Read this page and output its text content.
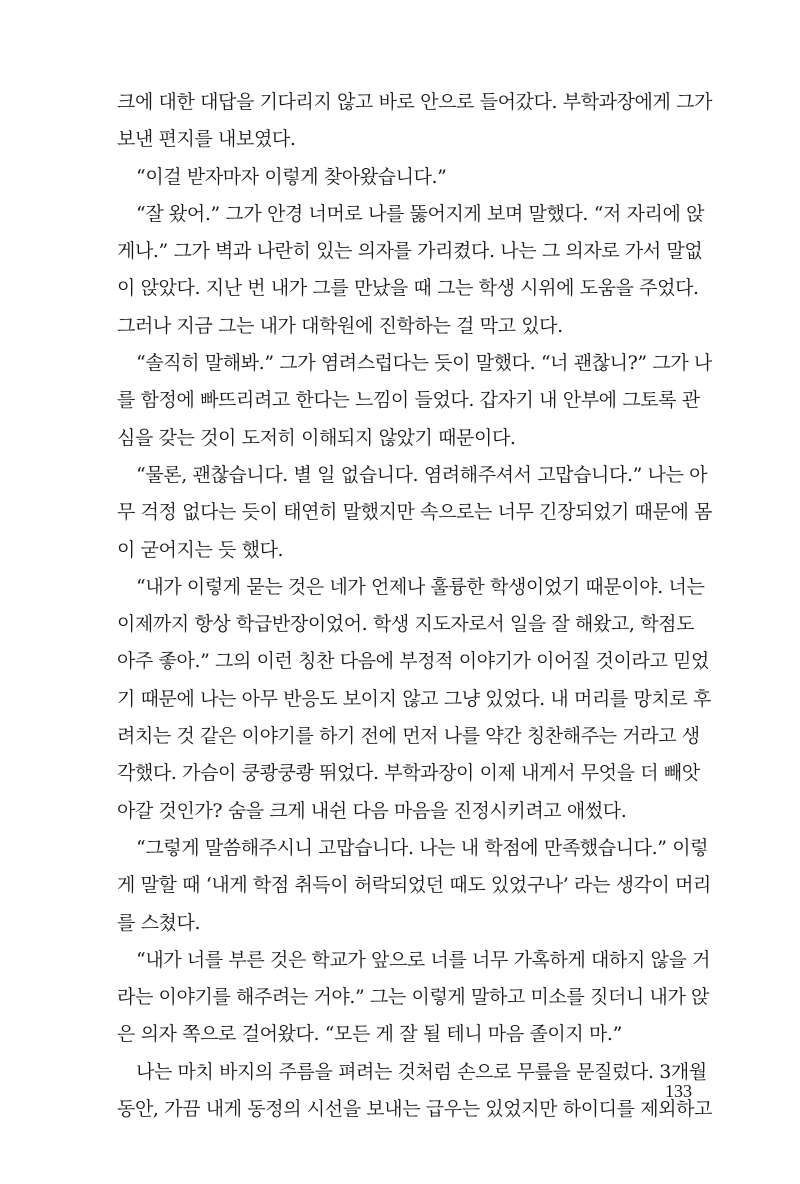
크에 대한 대답을 기다리지 않고 바로 안으로 들어갔다. 부학과장에게 그가
보낸 편지를 내보였다.
“이걸 받자마자 이렇게 찾아왔습니다.”
“잘 왔어.” 그가 안경 너머로 나를 뚫어지게 보며 말했다. “저 자리에 앉
게나.” 그가 벽과 나란히 있는 의자를 가리켰다. 나는 그 의자로 가서 말없
이 앉았다. 지난 번 내가 그를 만났을 때 그는 학생 시위에 도움을 주었다.
그러나 지금 그는 내가 대학원에 진학하는 걸 막고 있다.
“솔직히 말해봐.” 그가 염려스럽다는 듯이 말했다. “너 괜찮니?” 그가 나
를 함정에 빠뜨리려고 한다는 느낌이 들었다. 갑자기 내 안부에 그토록 관
심을 갖는 것이 도저히 이해되지 않았기 때문이다.
“물론, 괜찮습니다. 별 일 없습니다. 염려해주셔서 고맙습니다.” 나는 아
무 걱정 없다는 듯이 태연히 말했지만 속으로는 너무 긴장되었기 때문에 몸
이 굳어지는 듯 했다.
“내가 이렇게 묻는 것은 네가 언제나 훌륭한 학생이었기 때문이야. 너는
이제까지 항상 학급반장이었어. 학생 지도자로서 일을 잘 해왔고, 학점도
아주 좋아.” 그의 이런 칭찬 다음에 부정적 이야기가 이어질 것이라고 믿었
기 때문에 나는 아무 반응도 보이지 않고 그냥 있었다. 내 머리를 망치로 후
려치는 것 같은 이야기를 하기 전에 먼저 나를 약간 칭찬해주는 거라고 생
각했다. 가슴이 쿵쾅쿵쾅 뛰었다. 부학과장이 이제 내게서 무엇을 더 빼앗
아갈 것인가? 숨을 크게 내쉰 다음 마음을 진정시키려고 애썼다.
“그렇게 말씀해주시니 고맙습니다. 나는 내 학점에 만족했습니다.” 이렇
게 말할 때 ‘내게 학점 취득이 허락되었던 때도 있었구나’ 라는 생각이 머리
를 스쳤다.
“내가 너를 부른 것은 학교가 앞으로 너를 너무 가혹하게 대하지 않을 거
라는 이야기를 해주려는 거야.” 그는 이렇게 말하고 미소를 짓더니 내가 앉
은 의자 쪽으로 걸어왔다. “모든 게 잘 될 테니 마음 졸이지 마.”
나는 마치 바지의 주름을 펴려는 것처럼 손으로 무릎을 문질렀다. 3개월
동안, 가끔 내게 동정의 시선을 보내는 급우는 있었지만 하이디를 제외하고
133
